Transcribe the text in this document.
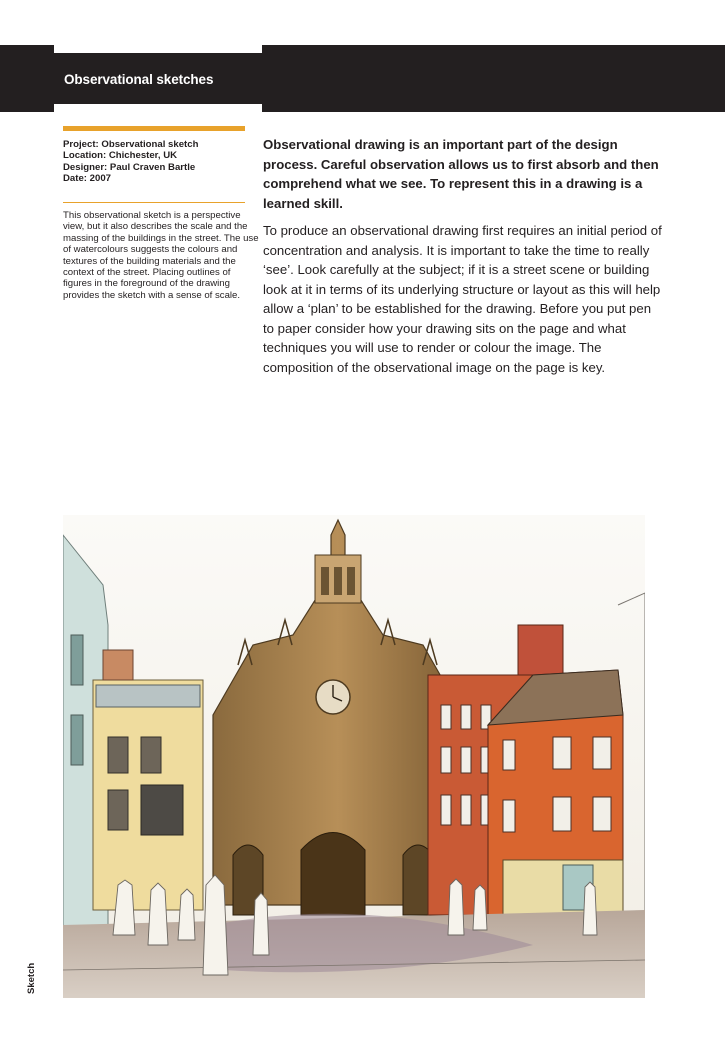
Observational sketches
Project: Observational sketch
Location: Chichester, UK
Designer: Paul Craven Bartle
Date: 2007
This observational sketch is a perspective view, but it also describes the scale and the massing of the buildings in the street. The use of watercolours suggests the colours and textures of the building materials and the context of the street. Placing outlines of figures in the foreground of the drawing provides the sketch with a sense of scale.
Observational drawing is an important part of the design process. Careful observation allows us to first absorb and then comprehend what we see. To represent this in a drawing is a learned skill.
To produce an observational drawing first requires an initial period of concentration and analysis. It is important to take the time to really ‘see’. Look carefully at the subject; if it is a street scene or building look at it in terms of its underlying structure or layout as this will help allow a ‘plan’ to be established for the drawing. Before you put pen to paper consider how your drawing sits on the page and what techniques you will use to render or colour the image. The composition of the observational image on the page is key.
Sketch
